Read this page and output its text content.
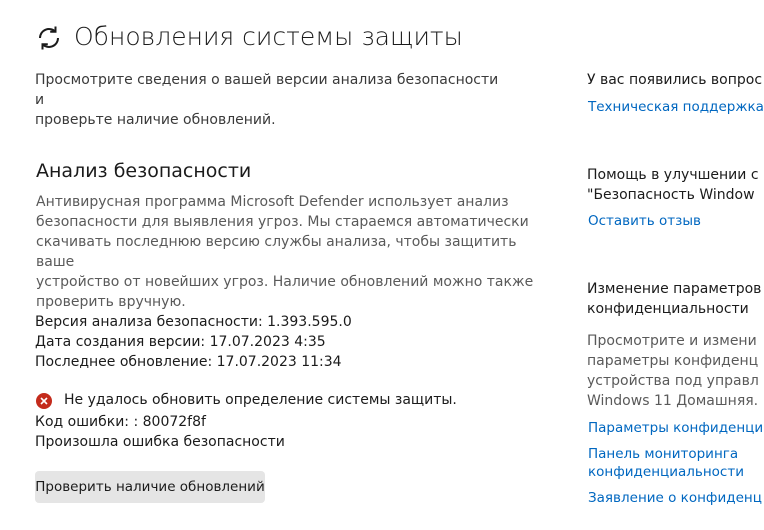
Обновления системы защиты
Просмотрите сведения о вашей версии анализа безопасности и
проверьте наличие обновлений.
Анализ безопасности
Антивирусная программа Microsoft Defender использует анализ
безопасности для выявления угроз. Мы стараемся автоматически
скачивать последнюю версию службы анализа, чтобы защитить ваше
устройство от новейших угроз. Наличие обновлений можно также
проверить вручную.
Версия анализа безопасности: 1.393.595.0
Дата создания версии: 17.07.2023 4:35
Последнее обновление: 17.07.2023 11:34
Не удалось обновить определение системы защиты.
Код ошибки: : 80072f8f
Произошла ошибка безопасности
Проверить наличие обновлений
У вас появились вопрос
Техническая поддержка
Помощь в улучшении с
"Безопасность Window
Оставить отзыв
Изменение параметров
конфиденциальности
Просмотрите и измени
параметры конфиденц
устройства под управл
Windows 11 Домашняя.
Параметры конфиденци
Панель мониторинга
конфиденциальности
Заявление о конфиденц
